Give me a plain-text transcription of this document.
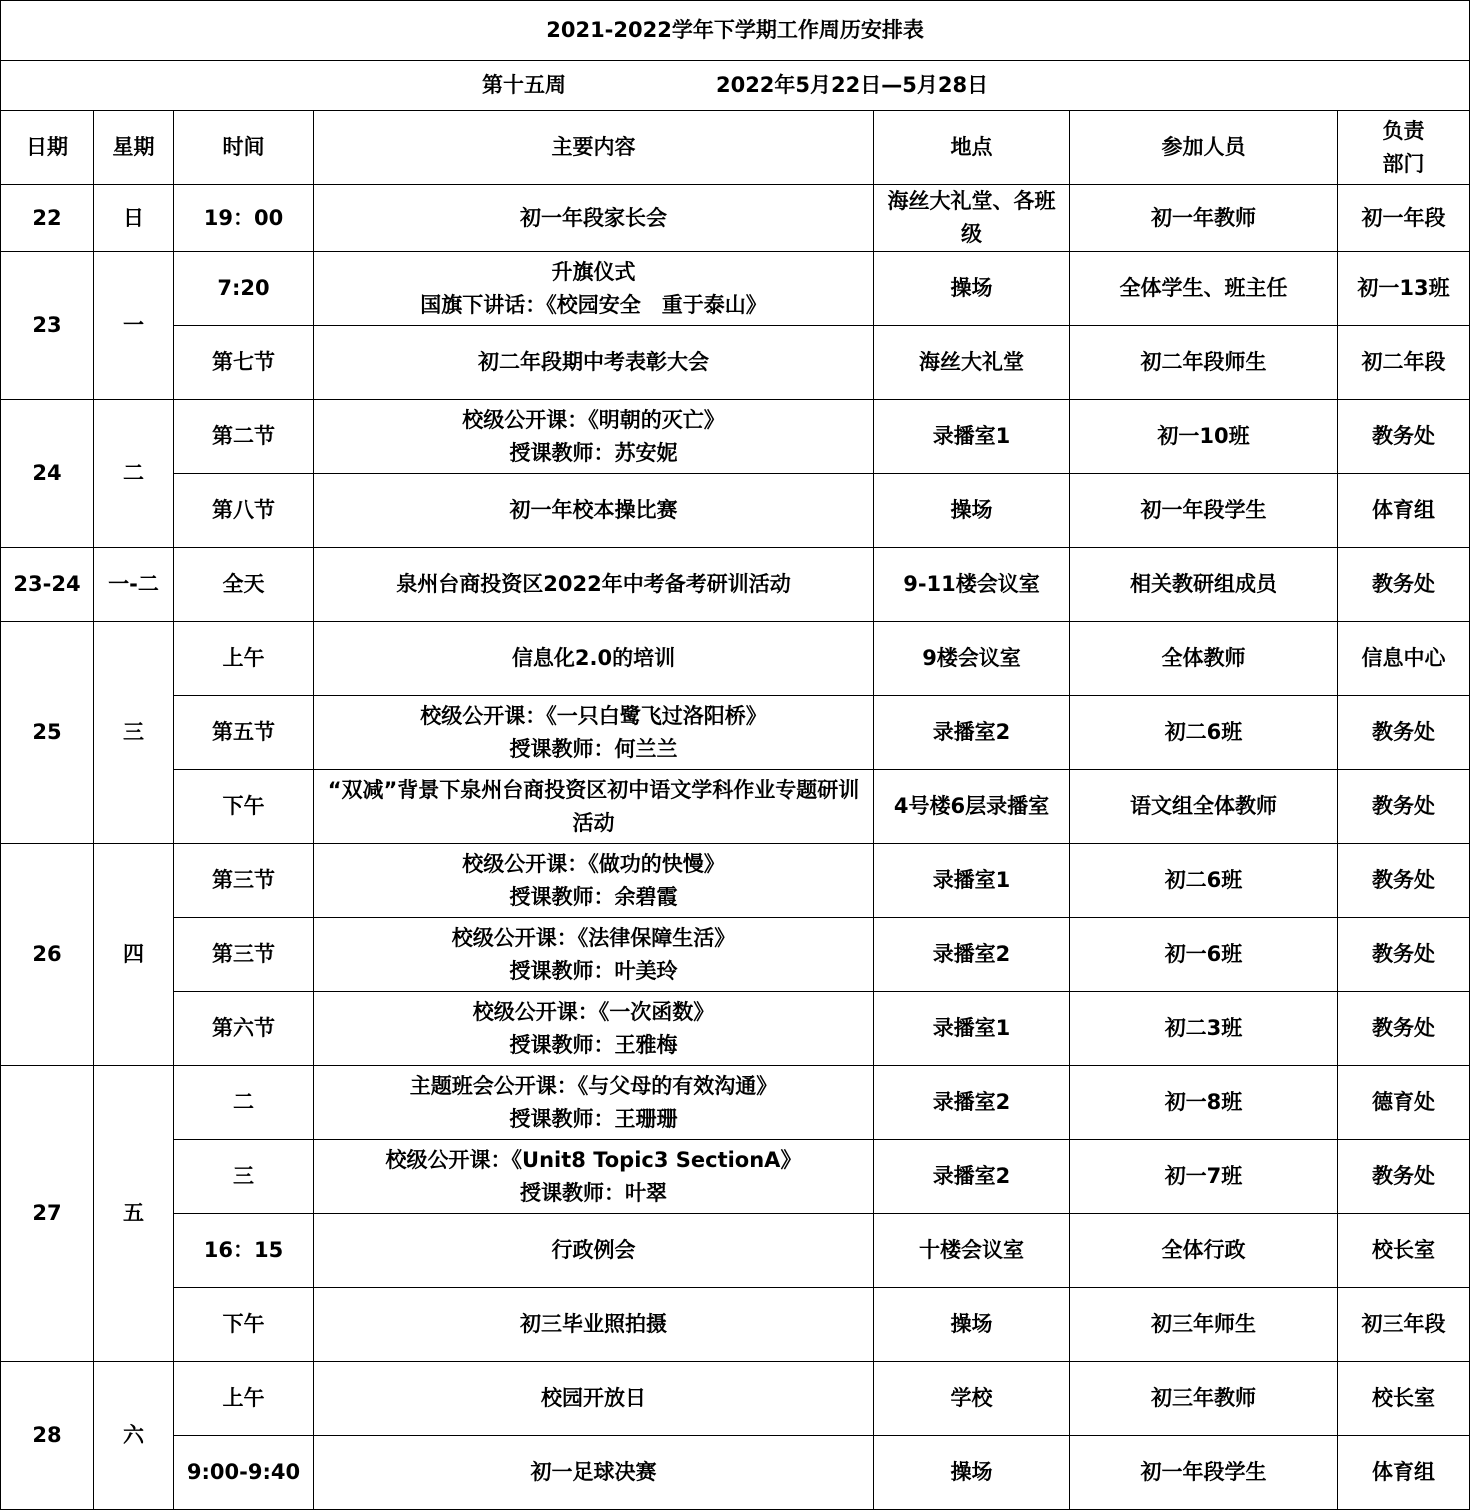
2021-2022学年下学期工作周历安排表						
第十五周 2022年5月22日—5月28日						
日期	星期	时间	主要内容	地点	参加人员	负责
部门

22	日	19：00	初一年段家长会	海丝大礼堂、各班级	初一年教师	初一年段
23	一	7:20	升旗仪式
国旗下讲话：《校园安全　重于泰山》	操场	全体学生、班主任	初一13班
		第七节	初二年段期中考表彰大会	海丝大礼堂	初二年段师生	初二年段
24	二	第二节	校级公开课：《明朝的灭亡》
授课教师：苏安妮	录播室1	初一10班	教务处
		第八节	初一年校本操比赛	操场	初一年段学生	体育组
23-24	一-二	全天	泉州台商投资区2022年中考备考研训活动	9-11楼会议室	相关教研组成员	教务处
25	三	上午	信息化2.0的培训	9楼会议室	全体教师	信息中心
		第五节	校级公开课：《一只白鹭飞过洛阳桥》
授课教师：何兰兰	录播室2	初二6班	教务处
		下午	“双减”背景下泉州台商投资区初中语文学科作业专题研训活动	4号楼6层录播室	语文组全体教师	教务处
26	四	第三节	校级公开课：《做功的快慢》
授课教师：余碧霞	录播室1	初二6班	教务处
		第三节	校级公开课：《法律保障生活》
授课教师：叶美玲	录播室2	初一6班	教务处
		第六节	校级公开课：《一次函数》
授课教师：王雅梅	录播室1	初二3班	教务处
27	五	二	主题班会公开课：《与父母的有效沟通》
授课教师：王珊珊	录播室2	初一8班	德育处
		三	校级公开课：《Unit8 Topic3 SectionA》
授课教师：叶翠	录播室2	初一7班	教务处
		16：15	行政例会	十楼会议室	全体行政	校长室
		下午	初三毕业照拍摄	操场	初三年师生	初三年段
28	六	上午	校园开放日	学校	初三年教师	校长室
		9:00-9:40	初一足球决赛	操场	初一年段学生	体育组
